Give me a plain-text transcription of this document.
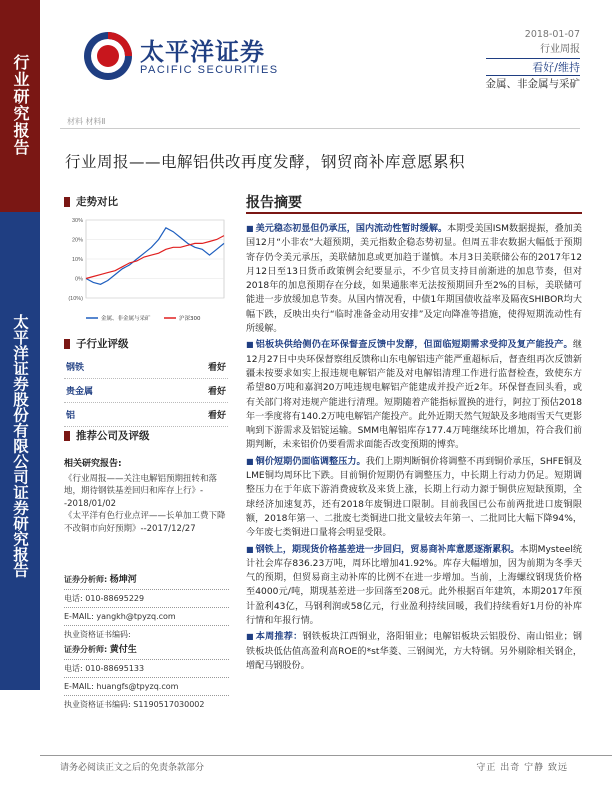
行业研究报告
太平洋证券股份有限公司证券研究报告
太平洋证券
PACIFIC SECURITIES
2018-01-07
行业周报
看好/维持
金属、非金属与采矿
材料 材料Ⅱ
行业周报——电解铝供改再度发酵，钢贸商补库意愿累积
走势对比
30%
20%
10%
0%
(10%)
金属、非金属与采矿	沪深300
子行业评级
钢铁	看好
贵金属	看好
铝	看好
推荐公司及评级
相关研究报告:
《行业周报——关注电解铝预期扭转和落地，期待钢铁基差回归和库存上行》--2018/01/02
《太平洋有色行业点评——长单加工费下降不改铜市向好预期》--2017/12/27
证券分析师: 杨坤河
电话: 010-88695229
E-MAIL: yangkh@tpyzq.com
执业资格证书编码:
证券分析师: 黄付生
电话: 010-88695133
E-MAIL: huangfs@tpyzq.com
执业资格证书编码: S1190517030002
报告摘要

■ 美元稳态初显但仍承压，国内流动性暂时缓解。本期受美国ISM数据提振，叠加美国12月“小非农”大超预期，美元指数企稳态势初显。但周五非农数据大幅低于预期寄存仍令美元承压，美联储加息或更加趋于谨慎。本月3日美联储公布的2017年12月12日至13日货币政策例会纪要显示，不少官员支持目前渐进的加息节奏，但对2018年的加息预期存在分歧，如果通胀率无法按预期回升至2%的目标，美联储可能进一步放缓加息节奏。从国内情况看，中债1年期国债收益率及隔夜SHIBOR均大幅下跌，反映出央行“临时准备金动用安排”及定向降准等措施，使得短期流动性有所缓解。

■ 铝板块供给侧仍在环保督查反馈中发酵，但面临短期需求受抑及复产能投产。继12月27日中央环保督察组反馈称山东电解铝违产能严重超标后，督查组再次反馈新疆未按要求如实上报违规电解铝产能及对电解铝清理工作进行监督检查，致使东方希望80万吨和嘉润20万吨违规电解铝产能建成并投产近2年。环保督查回头看，或有关部门将对违规产能进行清理。短期随着产能指标置换的进行，阿拉丁预估2018年一季度将有140.2万吨电解铝产能投产。此外近期天然气短缺及多地雨雪天气更影响到下游需求及铝锭运输。SMM电解铝库存177.4万吨继续环比增加，符合我们前期判断，未来铝价仍要看需求面能否改变预期的博弈。

■ 铜价短期仍面临调整压力。我们上期判断铜价将调整不再到铜价承压，SHFE铜及LME铜均周环比下跌。目前铜价短期仍有调整压力，中长期上行动力仍足。短期调整压力在于年底下游消费疲软及来货上涨，长期上行动力源于铜供应短缺预期，全球经济加速复苏，还有2018年废铜进口限制。目前我国已公布前两批进口废铜限额，2018年第一、二批废七类铜进口批文量较去年第一、二批同比大幅下降94%，今年废七类铜进口量将会明显受限。

■ 钢铁上，期现货价格基差进一步回归，贸易商补库意愿逐渐累积。本期Mysteel统计社会库存836.23万吨，周环比增加41.92%。库存大幅增加，因为前期为冬季天气的预期，但贸易商主动补库的比例不在进一步增加。当前，上海螺纹钢现货价格至4000元/吨，期现基差进一步回落至208元。此外根据百年建筑，本期2017年预计盈利43亿，马钢利润或58亿元，行业盈利持续回暖，我们持续看好1月份的补库行情和年报行情。

■ 本周推荐：钢铁板块江西铜业，洛阳钼业；电解铝板块云铝股份、南山铝业；钢铁板块低估值高盈利高ROE的*st华菱、三钢闽光，方大特钢。另外剔除相关钢企，增配马钢股份。

请务必阅读正文之后的免责条款部分	守正 出奇 宁静 致远
